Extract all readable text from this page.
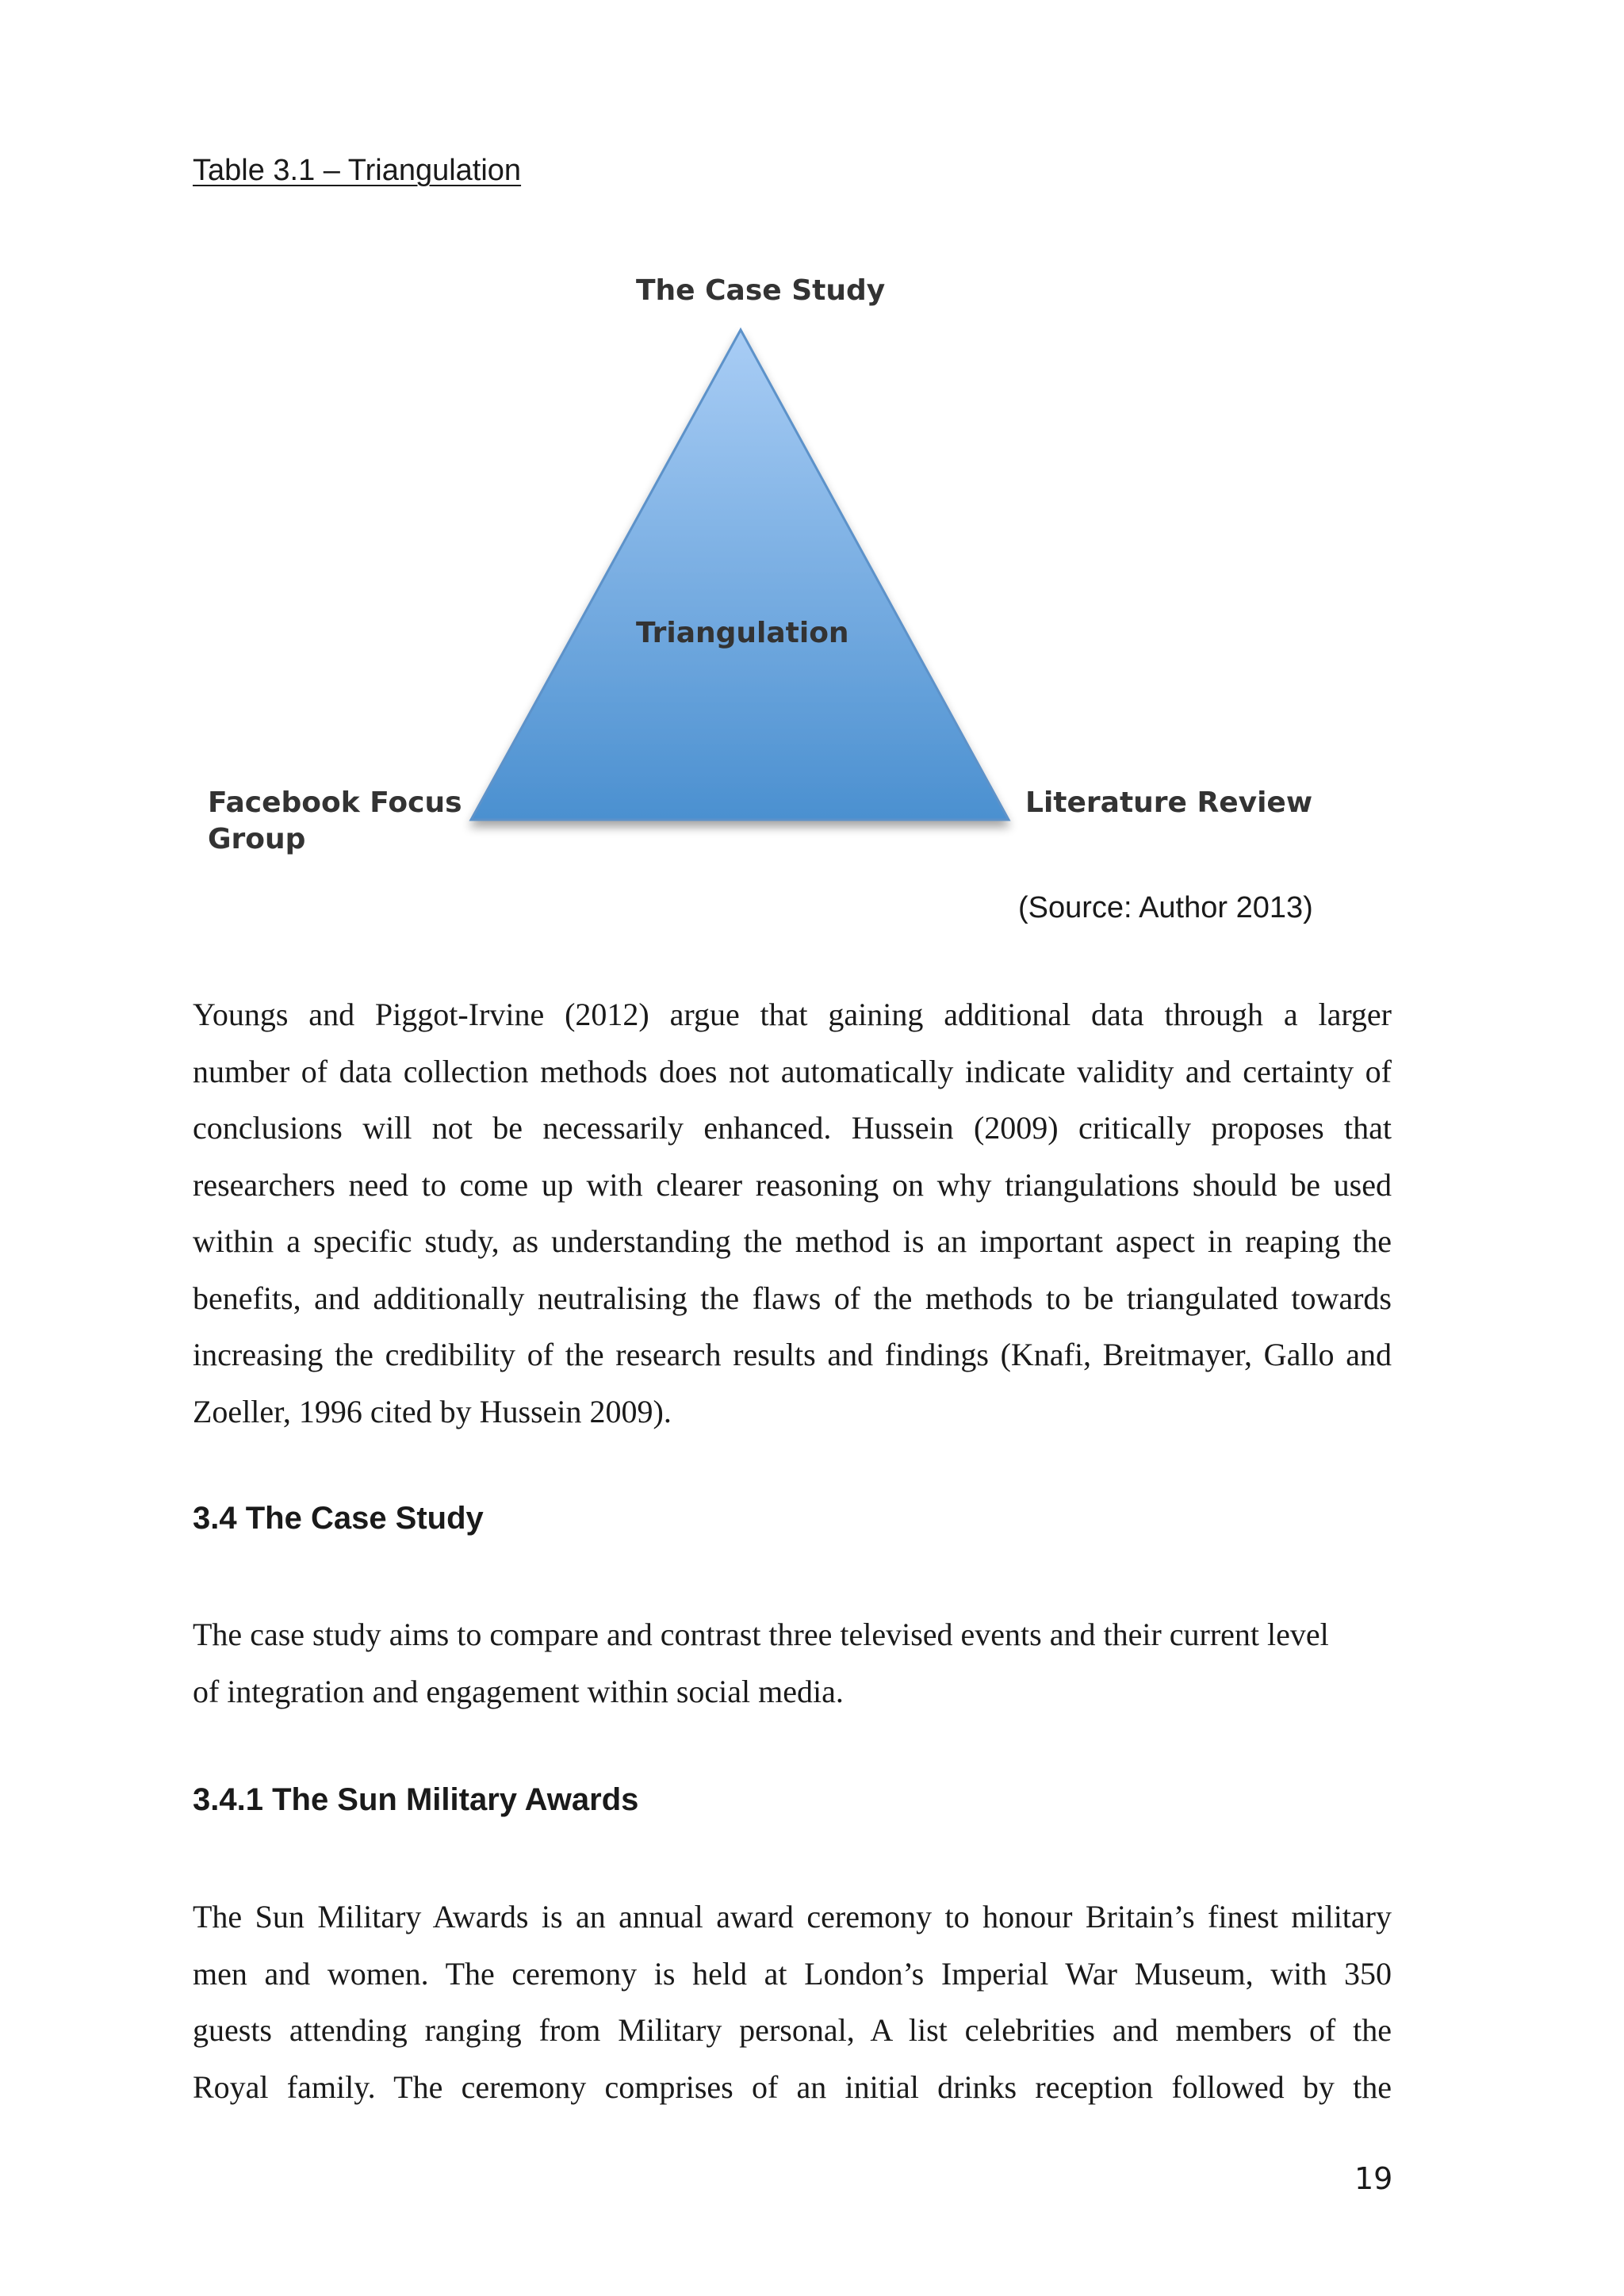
Table 3.1 – Triangulation
The Case Study
Triangulation
Facebook Focus
Group
Literature Review
(Source: Author 2013)
Youngs and Piggot-Irvine (2012) argue that gaining additional data through a larger
number of data collection methods does not automatically indicate validity and certainty of
conclusions will not be necessarily enhanced. Hussein (2009) critically proposes that
researchers need to come up with clearer reasoning on why triangulations should be used
within a specific study, as understanding the method is an important aspect in reaping the
benefits, and additionally neutralising the flaws of the methods to be triangulated towards
increasing the credibility of the research results and findings (Knafi, Breitmayer, Gallo and
Zoeller, 1996 cited by Hussein 2009).
3.4 The Case Study
The case study aims to compare and contrast three televised events and their current level
of integration and engagement within social media.
3.4.1 The Sun Military Awards
The Sun Military Awards is an annual award ceremony to honour Britain’s finest military
men and women. The ceremony is held at London’s Imperial War Museum, with 350
guests attending ranging from Military personal, A list celebrities and members of the
Royal family. The ceremony comprises of an initial drinks reception followed by the
19
